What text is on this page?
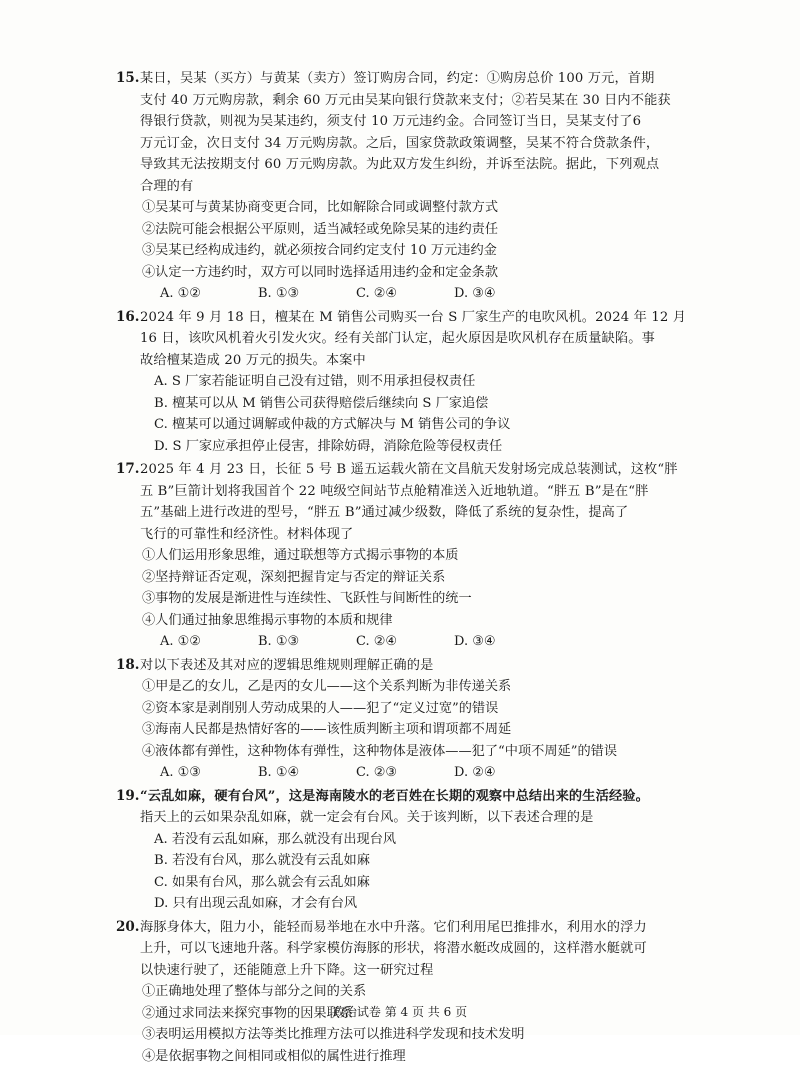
15. 某日，吴某（买方）与黄某（卖方）签订购房合同，约定：①购房总价 100 万元，首期

支付 40 万元购房款，剩余 60 万元由吴某向银行贷款来支付；②若吴某在 30 日内不能获

得银行贷款，则视为吴某违约，须支付 10 万元违约金。合同签订当日，吴某支付了6

万元订金，次日支付 34 万元购房款。之后，国家贷款政策调整，吴某不符合贷款条件，

导致其无法按期支付 60 万元购房款。为此双方发生纠纷，并诉至法院。据此，下列观点

合理的有

①吴某可与黄某协商变更合同，比如解除合同或调整付款方式

②法院可能会根据公平原则，适当减轻或免除吴某的违约责任

③吴某已经构成违约，就必须按合同约定支付 10 万元违约金

④认定一方违约时，双方可以同时选择适用违约金和定金条款

A. ①②	B. ①③	C. ②④	D. ③④
16. 2024 年 9 月 18 日，檀某在 M 销售公司购买一台 S 厂家生产的电吹风机。2024 年 12 月

16 日，该吹风机着火引发火灾。经有关部门认定，起火原因是吹风机存在质量缺陷。事

故给檀某造成 20 万元的损失。本案中

A. S 厂家若能证明自己没有过错，则不用承担侵权责任

B. 檀某可以从 M 销售公司获得赔偿后继续向 S 厂家追偿

C. 檀某可以通过调解或仲裁的方式解决与 M 销售公司的争议

D. S 厂家应承担停止侵害，排除妨碍，消除危险等侵权责任

17. 2025 年 4 月 23 日，长征 5 号 B 遥五运载火箭在文昌航天发射场完成总装测试，这枚“胖

五 B”巨箭计划将我国首个 22 吨级空间站节点舱精准送入近地轨道。“胖五 B”是在“胖

五”基础上进行改进的型号，“胖五 B”通过减少级数，降低了系统的复杂性，提高了

飞行的可靠性和经济性。材料体现了

①人们运用形象思维，通过联想等方式揭示事物的本质

②坚持辩证否定观，深刻把握肯定与否定的辩证关系

③事物的发展是渐进性与连续性、飞跃性与间断性的统一

④人们通过抽象思维揭示事物的本质和规律

A. ①②	B. ①③	C. ②④	D. ③④
18. 对以下表述及其对应的逻辑思维规则理解正确的是

①甲是乙的女儿，乙是丙的女儿——这个关系判断为非传递关系

②资本家是剥削别人劳动成果的人——犯了“定义过宽”的错误

③海南人民都是热情好客的——该性质判断主项和谓项都不周延

④液体都有弹性，这种物体有弹性，这种物体是液体——犯了“中项不周延”的错误

A. ①③	B. ①④	C. ②③	D. ②④
19. “云乱如麻，硬有台风”，这是海南陵水的老百姓在长期的观察中总结出来的生活经验。

指天上的云如果杂乱如麻，就一定会有台风。关于该判断，以下表述合理的是

A. 若没有云乱如麻，那么就没有出现台风

B. 若没有台风，那么就没有云乱如麻

C. 如果有台风，那么就会有云乱如麻

D. 只有出现云乱如麻，才会有台风

20. 海豚身体大，阻力小，能轻而易举地在水中升落。它们利用尾巴推排水，利用水的浮力

上升，可以飞速地升落。科学家模仿海豚的形状，将潜水艇改成圆的，这样潜水艇就可

以快速行驶了，还能随意上升下降。这一研究过程

①正确地处理了整体与部分之间的关系

②通过求同法来探究事物的因果联系

③表明运用模拟方法等类比推理方法可以推进科学发现和技术发明

④是依据事物之间相同或相似的属性进行推理

政治试卷 第 4 页 共 6 页
